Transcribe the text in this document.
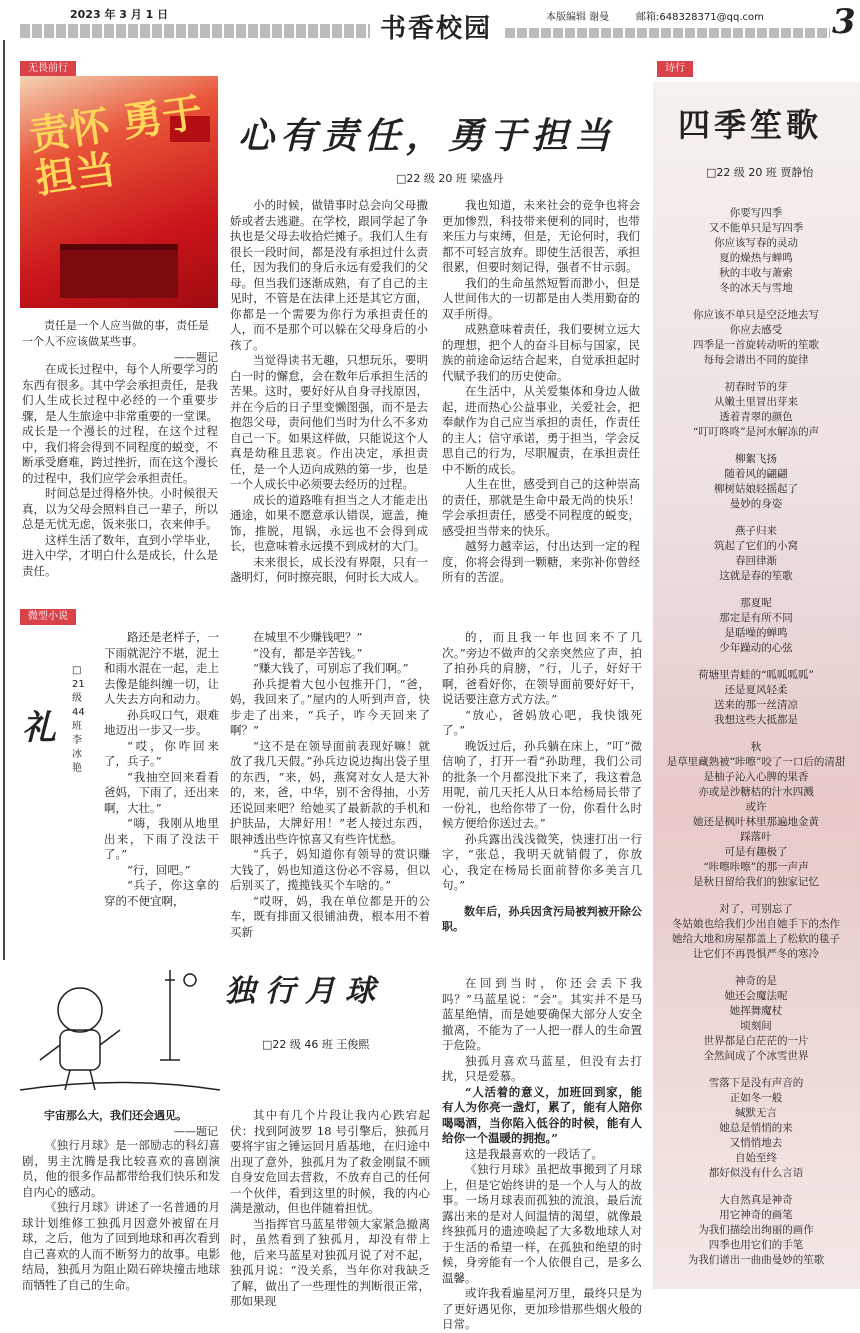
2023 年 3 月 1 日	书香校园	本版编辑 谢曼	邮箱:648328371@qq.com 3
无畏前行
责怀 勇于担当
心有责任，勇于担当
□22 级 20 班 梁盛丹
责任是一个人应当做的事，责任是一个人不应该做某些事。
——题记

在成长过程中，每个人所要学习的东西有很多。其中学会承担责任，是我们人生成长过程中必经的一个重要步骤，是人生旅途中非常重要的一堂课。成长是一个漫长的过程，在这个过程中，我们将会得到不同程度的蜕变，不断承受磨难，跨过挫折，而在这个漫长的过程中，我们应学会承担责任。

时间总是过得格外快。小时候很天真，以为父母会照料自己一辈子，所以总是无忧无虑，饭来张口，衣来伸手。

这样生活了数年，直到小学毕业，进入中学，才明白什么是成长，什么是责任。

小的时候，做错事时总会向父母撒娇或者去逃避。在学校，跟同学起了争执也是父母去收拾烂摊子。我们人生有很长一段时间，都是没有承担过什么责任，因为我们的身后永远有爱我们的父母。但当我们逐渐成熟，有了自己的主见时，不管是在法律上还是其它方面，你都是一个需要为你行为承担责任的人，而不是那个可以躲在父母身后的小孩了。

当觉得读书无趣，只想玩乐，要明白一时的懈怠，会在数年后承担生活的苦果。这时，要好好从自身寻找原因，并在今后的日子里变懒图强，而不是去抱怨父母，责问他们当时为什么不多劝自己一下。如果这样做，只能说这个人真是幼稚且悲哀。作出决定，承担责任，是一个人迈向成熟的第一步，也是一个人成长中必须要去经历的过程。

成长的道路唯有担当之人才能走出通途，如果不愿意承认错误，遮盖，掩饰，推脱，甩锅，永远也不会得到成长，也意味着永远摸不到成材的大门。

未来很长，成长没有界限，只有一盏明灯，何时擦亮眼，何时长大成人。

我也知道，未来社会的竞争也将会更加惨烈，科技带来便利的同时，也带来压力与束缚，但是，无论何时，我们都不可轻言放弃。即使生活很苦，承担很累，但要时刻记得，强者不甘示弱。

我们的生命虽然短暂而渺小，但是人世间伟大的一切都是由人类用勤奋的双手所得。

成熟意味着责任，我们要树立远大的理想，把个人的奋斗目标与国家，民族的前途命运结合起来，自觉承担起时代赋予我们的历史使命。

在生活中，从关爱集体和身边人做起，进而热心公益事业，关爱社会，把奉献作为自己应当承担的责任，作责任的主人；信守承诺，勇于担当，学会反思自己的行为，尽职履责，在承担责任中不断的成长。

人生在世，感受到自己的这种崇高的责任，那就是生命中最无尚的快乐！学会承担责任，感受不同程度的蜕变，感受担当带来的快乐。

越努力越幸运，付出达到一定的程度，你将会得到一颗糖，来弥补你曾经所有的苦涩。

微型小说
礼
□21级44班 李冰艳

路还是老样子，一下雨就泥泞不堪，泥土和雨水混在一起，走上去像是能纠缠一切，让人失去方向和动力。

孙兵叹口气，艰难地迈出一步又一步。

“哎，你咋回来了，兵子。”

“我抽空回来看看爸妈，下雨了，还出来啊，大壮。”

“嗨，我刚从地里出来，下雨了没法干了。”

“行，回吧。”

“兵子，你这拿的穿的不便宜啊，

在城里不少赚钱吧？”

“没有，都是辛苦钱。”

“赚大钱了，可别忘了我们啊。”

孙兵提着大包小包推开门，“爸，妈，我回来了。”屋内的人听到声音，快步走了出来，“兵子，咋今天回来了啊？”

“这不是在领导面前表现好嘛！就放了我几天假。”孙兵边说边掏出袋子里的东西，“来，妈，燕窝对女人是大补的，来，爸，中华，别不舍得抽，小芳还说回来吧？给她买了最新款的手机和护肤品，大牌好用！”老人接过东西，眼神透出些许惊喜又有些许忧愁。

“兵子，妈知道你有领导的赏识赚大钱了，妈也知道这份必不容易，但以后别买了，揽揽钱买个车啥的。”

“哎呀，妈，我在单位都是开的公车，既有排面又很铺油费，根本用不着买新

的，而且我一年也回来不了几次。”旁边不做声的父亲突然应了声，拍了拍孙兵的肩膀，“行，儿子，好好干啊，爸看好你，在领导面前要好好干，说话要注意方式方法。”

“放心，爸妈放心吧，我快饿死了。”

晚饭过后，孙兵躺在床上，“叮”微信响了，打开一看“孙助理，我们公司的批条一个月都没批下来了，我这着急用呢，前几天托人从日本给杨局长带了一份礼，也给你带了一份，你看什么时候方便给你送过去。”

孙兵露出浅浅微笑，快速打出一行字，“张总，我明天就销假了，你放心，我定在杨局长面前替你多美言几句。”

数年后，孙兵因贪污局被判被开除公职。

独行月球
□22 级 46 班 王俊熙
宇宙那么大，我们还会遇见。
——题记

《独行月球》是一部励志的科幻喜剧，男主沈腾是我比较喜欢的喜剧演员，他的很多作品都带给我们快乐和发自内心的感动。

《独行月球》讲述了一名普通的月球计划维修工独孤月因意外被留在月球，之后，他为了回到地球和再次看到自己喜欢的人而不断努力的故事。电影结局，独孤月为阻止陨石碎块撞击地球而牺牲了自己的生命。

其中有几个片段让我内心跌宕起伏：找到阿波罗 18 号引擎后，独孤月要将宇宙之锤运回月盾基地，在归途中出现了意外，独孤月为了救金刚鼠不顾自身安危回去营救，不放弃自己的任何一个伙伴，看到这里的时候，我的内心满是激动，但也伴随着担忧。

当指挥官马蓝星带领大家紧急撤离时，虽然看到了独孤月，却没有带上他，后来马蓝星对独孤月说了对不起，独孤月说：“没关系，当年你对我缺乏了解，做出了一些理性的判断很正常，那如果现

在回到当时，你还会丢下我吗？”马蓝星说：“会”。其实并不是马蓝星绝情，而是她要确保大部分人安全撤离，不能为了一人把一群人的生命置于危险。

独孤月喜欢马蓝星，但没有去打扰，只是爱慕。

“人活着的意义，加班回到家，能有人为你亮一盏灯，累了，能有人陪你喝喝酒，当你陷入低谷的时候，能有人给你一个温暖的拥抱。”

这是我最喜欢的一段话了。

《独行月球》虽把故事搬到了月球上，但是它始终讲的是一个人与人的故事。一场月球表而孤独的流浪，最后流露出来的是对人间温情的渴望，就像最终独孤月的遗迹唤起了大多数地球人对于生活的希望一样，在孤独和绝望的时候，身旁能有一个人依偎自己，是多么温馨。

或许我看遍星河万里，最终只是为了更好遇见你，更加珍惜那些烟火般的日常。

诗行
四季笙歌
□22 级 20 班 贾静怡
你要写四季
又不能单只是写四季
你应该写春的灵动
夏的燥热与蝉鸣
秋的丰收与萧索
冬的冰天与雪地
你应该不单只是空泛地去写
你应去感受
四季是一首旋转动听的笙歌
每每会谱出不同的旋律
初春时节的芽
从嫩土里冒出芽来
透着青翠的颜色
“叮叮咚咚”是河水解冻的声
柳絮飞扬
随着风的翩翩
柳树姑娘轻摇起了
曼妙的身姿
燕子归来
筑起了它们的小窝
春回律渐
这就是春的笙歌
那夏呢
那定是有所不同
是聒噪的蝉鸣
少年躁动的心弦
荷塘里青蛙的“呱呱呱呱”
还是夏风轻柔
送来的那一丝清凉
我想这些大抵都是
秋
是草里藏熟被“咔嚓”咬了一口后的清甜
是柚子沁入心脾的果香
亦或是沙糖桔的汁水四溅
或许
她还是枫叶林里那遍地金黄
踩落叶
可是有趣极了
“咔嚓咔嚓”的那一声声
是秋日留给我们的独家记忆
对了，可别忘了
冬姑娘也给我们少出自她手下的杰作
她给大地和房屋都盖上了松软的毯子
让它们不再畏惧严冬的寒冷
神奇的是
她还会魔法呢
她挥舞魔杖
顷刻间
世界都是白茫茫的一片
全然间成了个冰雪世界
雪落下是没有声音的
正如冬一般
缄默无言
她总是悄悄的来
又悄悄地去
自始至终
都好似没有什么言语
大自然真是神奇
用它神奇的画笔
为我们描绘出绚丽的画作
四季也用它们的手笔
为我们谱出一曲曲曼妙的笙歌
